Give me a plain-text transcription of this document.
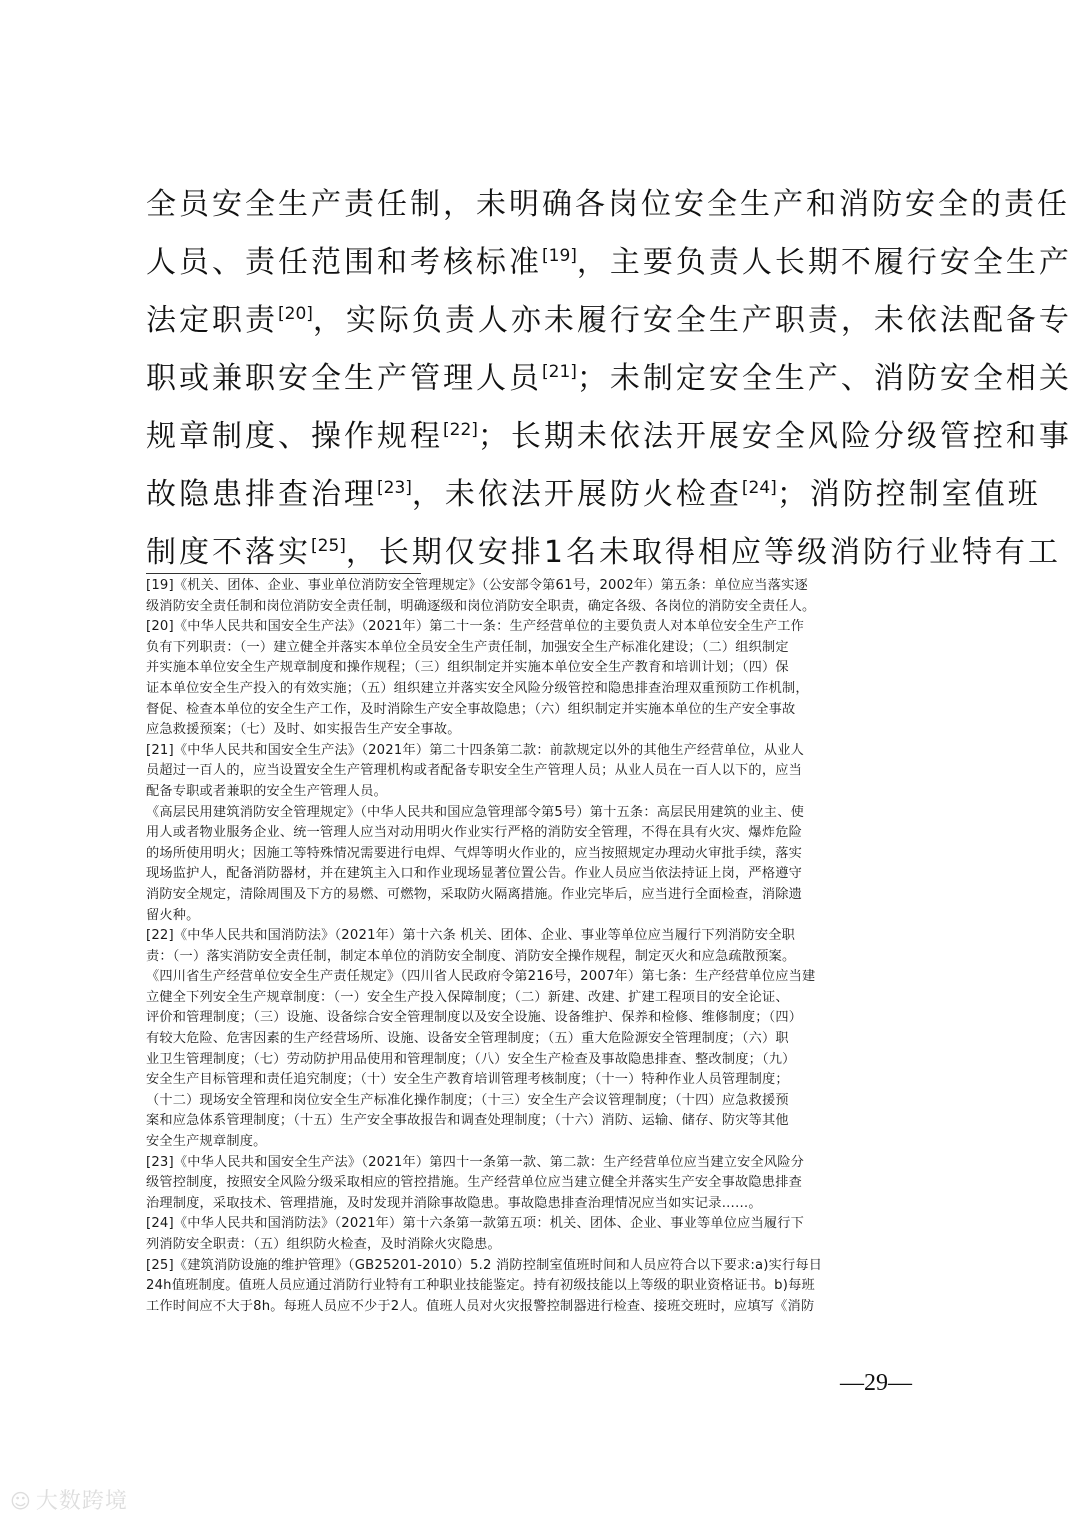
全员安全生产责任制，未明确各岗位安全生产和消防安全的责任
人员、责任范围和考核标准[19]，主要负责人长期不履行安全生产
法定职责[20]，实际负责人亦未履行安全生产职责，未依法配备专
职或兼职安全生产管理人员[21]；未制定安全生产、消防安全相关
规章制度、操作规程[22]；长期未依法开展安全风险分级管控和事
故隐患排查治理[23]，未依法开展防火检查[24]；消防控制室值班
制度不落实[25]，长期仅安排1名未取得相应等级消防行业特有工
[19]《机关、团体、企业、事业单位消防安全管理规定》（公安部令第61号，2002年）第五条：单位应当落实逐
级消防安全责任制和岗位消防安全责任制，明确逐级和岗位消防安全职责，确定各级、各岗位的消防安全责任人。
[20]《中华人民共和国安全生产法》（2021年）第二十一条：生产经营单位的主要负责人对本单位安全生产工作
负有下列职责：（一）建立健全并落实本单位全员安全生产责任制，加强安全生产标准化建设；（二）组织制定
并实施本单位安全生产规章制度和操作规程；（三）组织制定并实施本单位安全生产教育和培训计划；（四）保
证本单位安全生产投入的有效实施；（五）组织建立并落实安全风险分级管控和隐患排查治理双重预防工作机制，
督促、检查本单位的安全生产工作，及时消除生产安全事故隐患；（六）组织制定并实施本单位的生产安全事故
应急救援预案；（七）及时、如实报告生产安全事故。
[21]《中华人民共和国安全生产法》（2021年）第二十四条第二款：前款规定以外的其他生产经营单位，从业人
员超过一百人的，应当设置安全生产管理机构或者配备专职安全生产管理人员；从业人员在一百人以下的，应当
配备专职或者兼职的安全生产管理人员。
《高层民用建筑消防安全管理规定》（中华人民共和国应急管理部令第5号）第十五条：高层民用建筑的业主、使
用人或者物业服务企业、统一管理人应当对动用明火作业实行严格的消防安全管理，不得在具有火灾、爆炸危险
的场所使用明火；因施工等特殊情况需要进行电焊、气焊等明火作业的，应当按照规定办理动火审批手续，落实
现场监护人，配备消防器材，并在建筑主入口和作业现场显著位置公告。作业人员应当依法持证上岗，严格遵守
消防安全规定，清除周围及下方的易燃、可燃物，采取防火隔离措施。作业完毕后，应当进行全面检查，消除遗
留火种。
[22]《中华人民共和国消防法》（2021年）第十六条 机关、团体、企业、事业等单位应当履行下列消防安全职
责：（一）落实消防安全责任制，制定本单位的消防安全制度、消防安全操作规程，制定灭火和应急疏散预案。
《四川省生产经营单位安全生产责任规定》（四川省人民政府令第216号，2007年）第七条：生产经营单位应当建
立健全下列安全生产规章制度：（一）安全生产投入保障制度；（二）新建、改建、扩建工程项目的安全论证、
评价和管理制度；（三）设施、设备综合安全管理制度以及安全设施、设备维护、保养和检修、维修制度；（四）
有较大危险、危害因素的生产经营场所、设施、设备安全管理制度；（五）重大危险源安全管理制度；（六）职
业卫生管理制度；（七）劳动防护用品使用和管理制度；（八）安全生产检查及事故隐患排查、整改制度；（九）
安全生产目标管理和责任追究制度；（十）安全生产教育培训管理考核制度；（十一）特种作业人员管理制度；
（十二）现场安全管理和岗位安全生产标准化操作制度；（十三）安全生产会议管理制度；（十四）应急救援预
案和应急体系管理制度；（十五）生产安全事故报告和调查处理制度；（十六）消防、运输、储存、防灾等其他
安全生产规章制度。
[23]《中华人民共和国安全生产法》（2021年）第四十一条第一款、第二款：生产经营单位应当建立安全风险分
级管控制度，按照安全风险分级采取相应的管控措施。生产经营单位应当建立健全并落实生产安全事故隐患排查
治理制度，采取技术、管理措施，及时发现并消除事故隐患。事故隐患排查治理情况应当如实记录……。
[24]《中华人民共和国消防法》（2021年）第十六条第一款第五项：机关、团体、企业、事业等单位应当履行下
列消防安全职责：（五）组织防火检查，及时消除火灾隐患。
[25]《建筑消防设施的维护管理》（GB25201-2010）5.2 消防控制室值班时间和人员应符合以下要求:a)实行每日
24h值班制度。值班人员应通过消防行业特有工种职业技能鉴定。持有初级技能以上等级的职业资格证书。b)每班
工作时间应不大于8h。每班人员应不少于2人。值班人员对火灾报警控制器进行检查、接班交班时，应填写《消防
—29—
☺ 大数跨境
